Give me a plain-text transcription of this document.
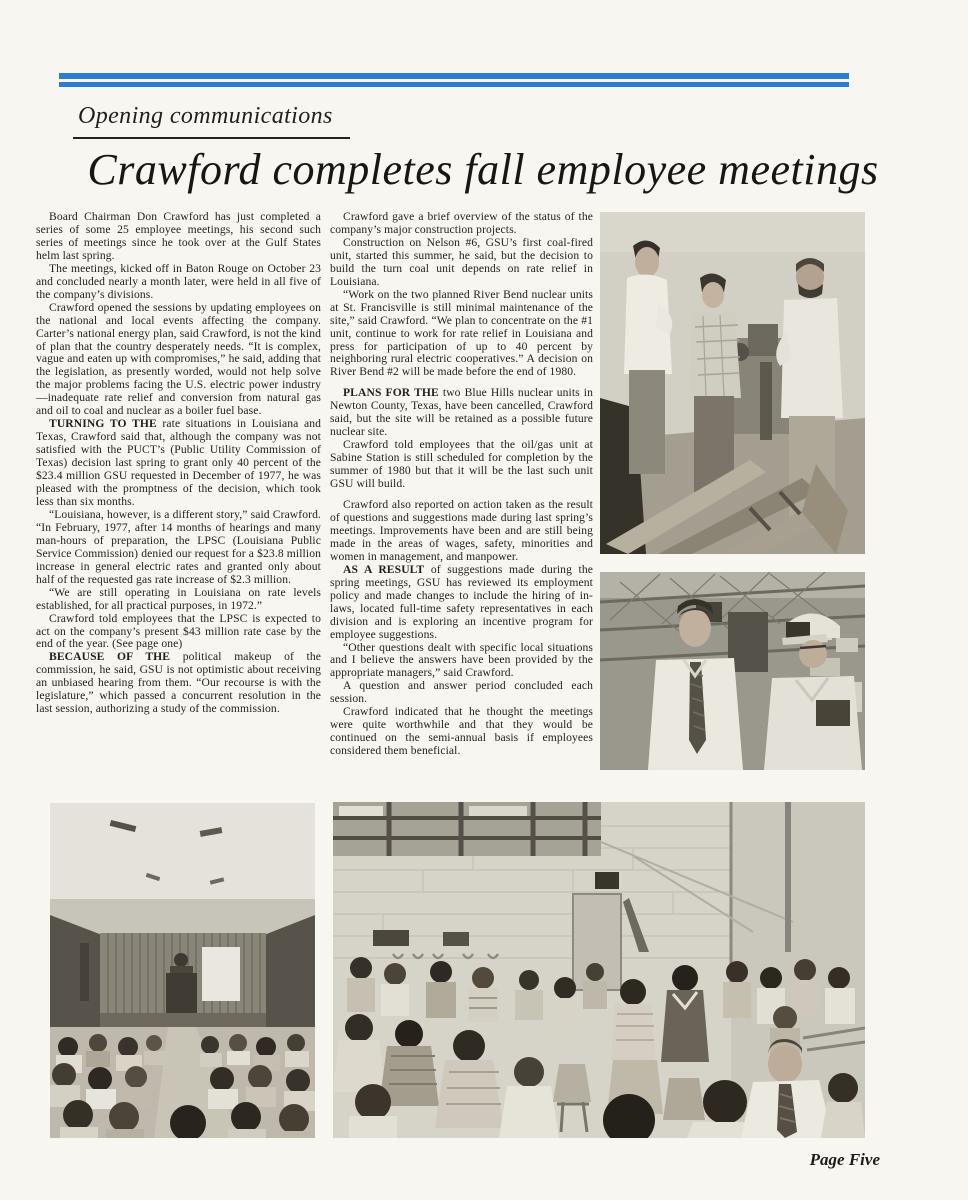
Opening communications
Crawford completes fall employee meetings

Board Chairman Don Crawford has just completed a series of some 25 employee meetings, his second such series of meetings since he took over at the Gulf States helm last spring.

The meetings, kicked off in Baton Rouge on October 23 and concluded nearly a month later, were held in all five of the company’s divisions.

Crawford opened the sessions by updating employees on the national and local events affecting the company. Carter’s national energy plan, said Crawford, is not the kind of plan that the country desperately needs. “It is complex, vague and eaten up with compromises,” he said, adding that the legislation, as presently worded, would not help solve the major problems facing the U.S. electric power industry—inadequate rate relief and conversion from natural gas and oil to coal and nuclear as a boiler fuel base.

TURNING TO THE rate situations in Louisiana and Texas, Crawford said that, although the company was not satisfied with the PUCT’s (Public Utility Commission of Texas) decision last spring to grant only 40 percent of the $23.4 million GSU requested in December of 1977, he was pleased with the promptness of the decision, which took less than six months.

“Louisiana, however, is a different story,” said Crawford. “In February, 1977, after 14 months of hearings and many man-hours of preparation, the LPSC (Louisiana Public Service Commission) denied our request for a $23.8 million increase in general electric rates and granted only about half of the requested gas rate increase of $2.3 million.

“We are still operating in Louisiana on rate levels established, for all practical purposes, in 1972.”

Crawford told employees that the LPSC is expected to act on the company’s present $43 million rate case by the end of the year. (See page one)

BECAUSE OF THE political makeup of the commission, he said, GSU is not optimistic about receiving an unbiased hearing from them. “Our recourse is with the legislature,” which passed a concurrent resolution in the last session, authorizing a study of the commission.

Crawford gave a brief overview of the status of the company’s major construction projects.

Construction on Nelson #6, GSU’s first coal-fired unit, started this summer, he said, but the decision to build the turn coal unit depends on rate relief in Louisiana.

“Work on the two planned River Bend nuclear units at St. Francisville is still minimal maintenance of the site,” said Crawford. “We plan to concentrate on the #1 unit, continue to work for rate relief in Louisiana and press for participation of up to 40 percent by neighboring rural electric cooperatives.” A decision on River Bend #2 will be made before the end of 1980.

PLANS FOR THE two Blue Hills nuclear units in Newton County, Texas, have been cancelled, Crawford said, but the site will be retained as a possible future nuclear site.

Crawford told employees that the oil/gas unit at Sabine Station is still scheduled for completion by the summer of 1980 but that it will be the last such unit GSU will build.

Crawford also reported on action taken as the result of questions and suggestions made during last spring’s meetings. Improvements have been and are still being made in the areas of wages, safety, minorities and women in management, and manpower.

AS A RESULT of suggestions made during the spring meetings, GSU has reviewed its employment policy and made changes to include the hiring of in-laws, located full-time safety representatives in each division and is exploring an incentive program for employee suggestions.

“Other questions dealt with specific local situations and I believe the answers have been provided by the appropriate managers,” said Crawford.

A question and answer period concluded each session.

Crawford indicated that he thought the meetings were quite worthwhile and that they would be continued on the semi-annual basis if employees considered them beneficial.

Page Five
